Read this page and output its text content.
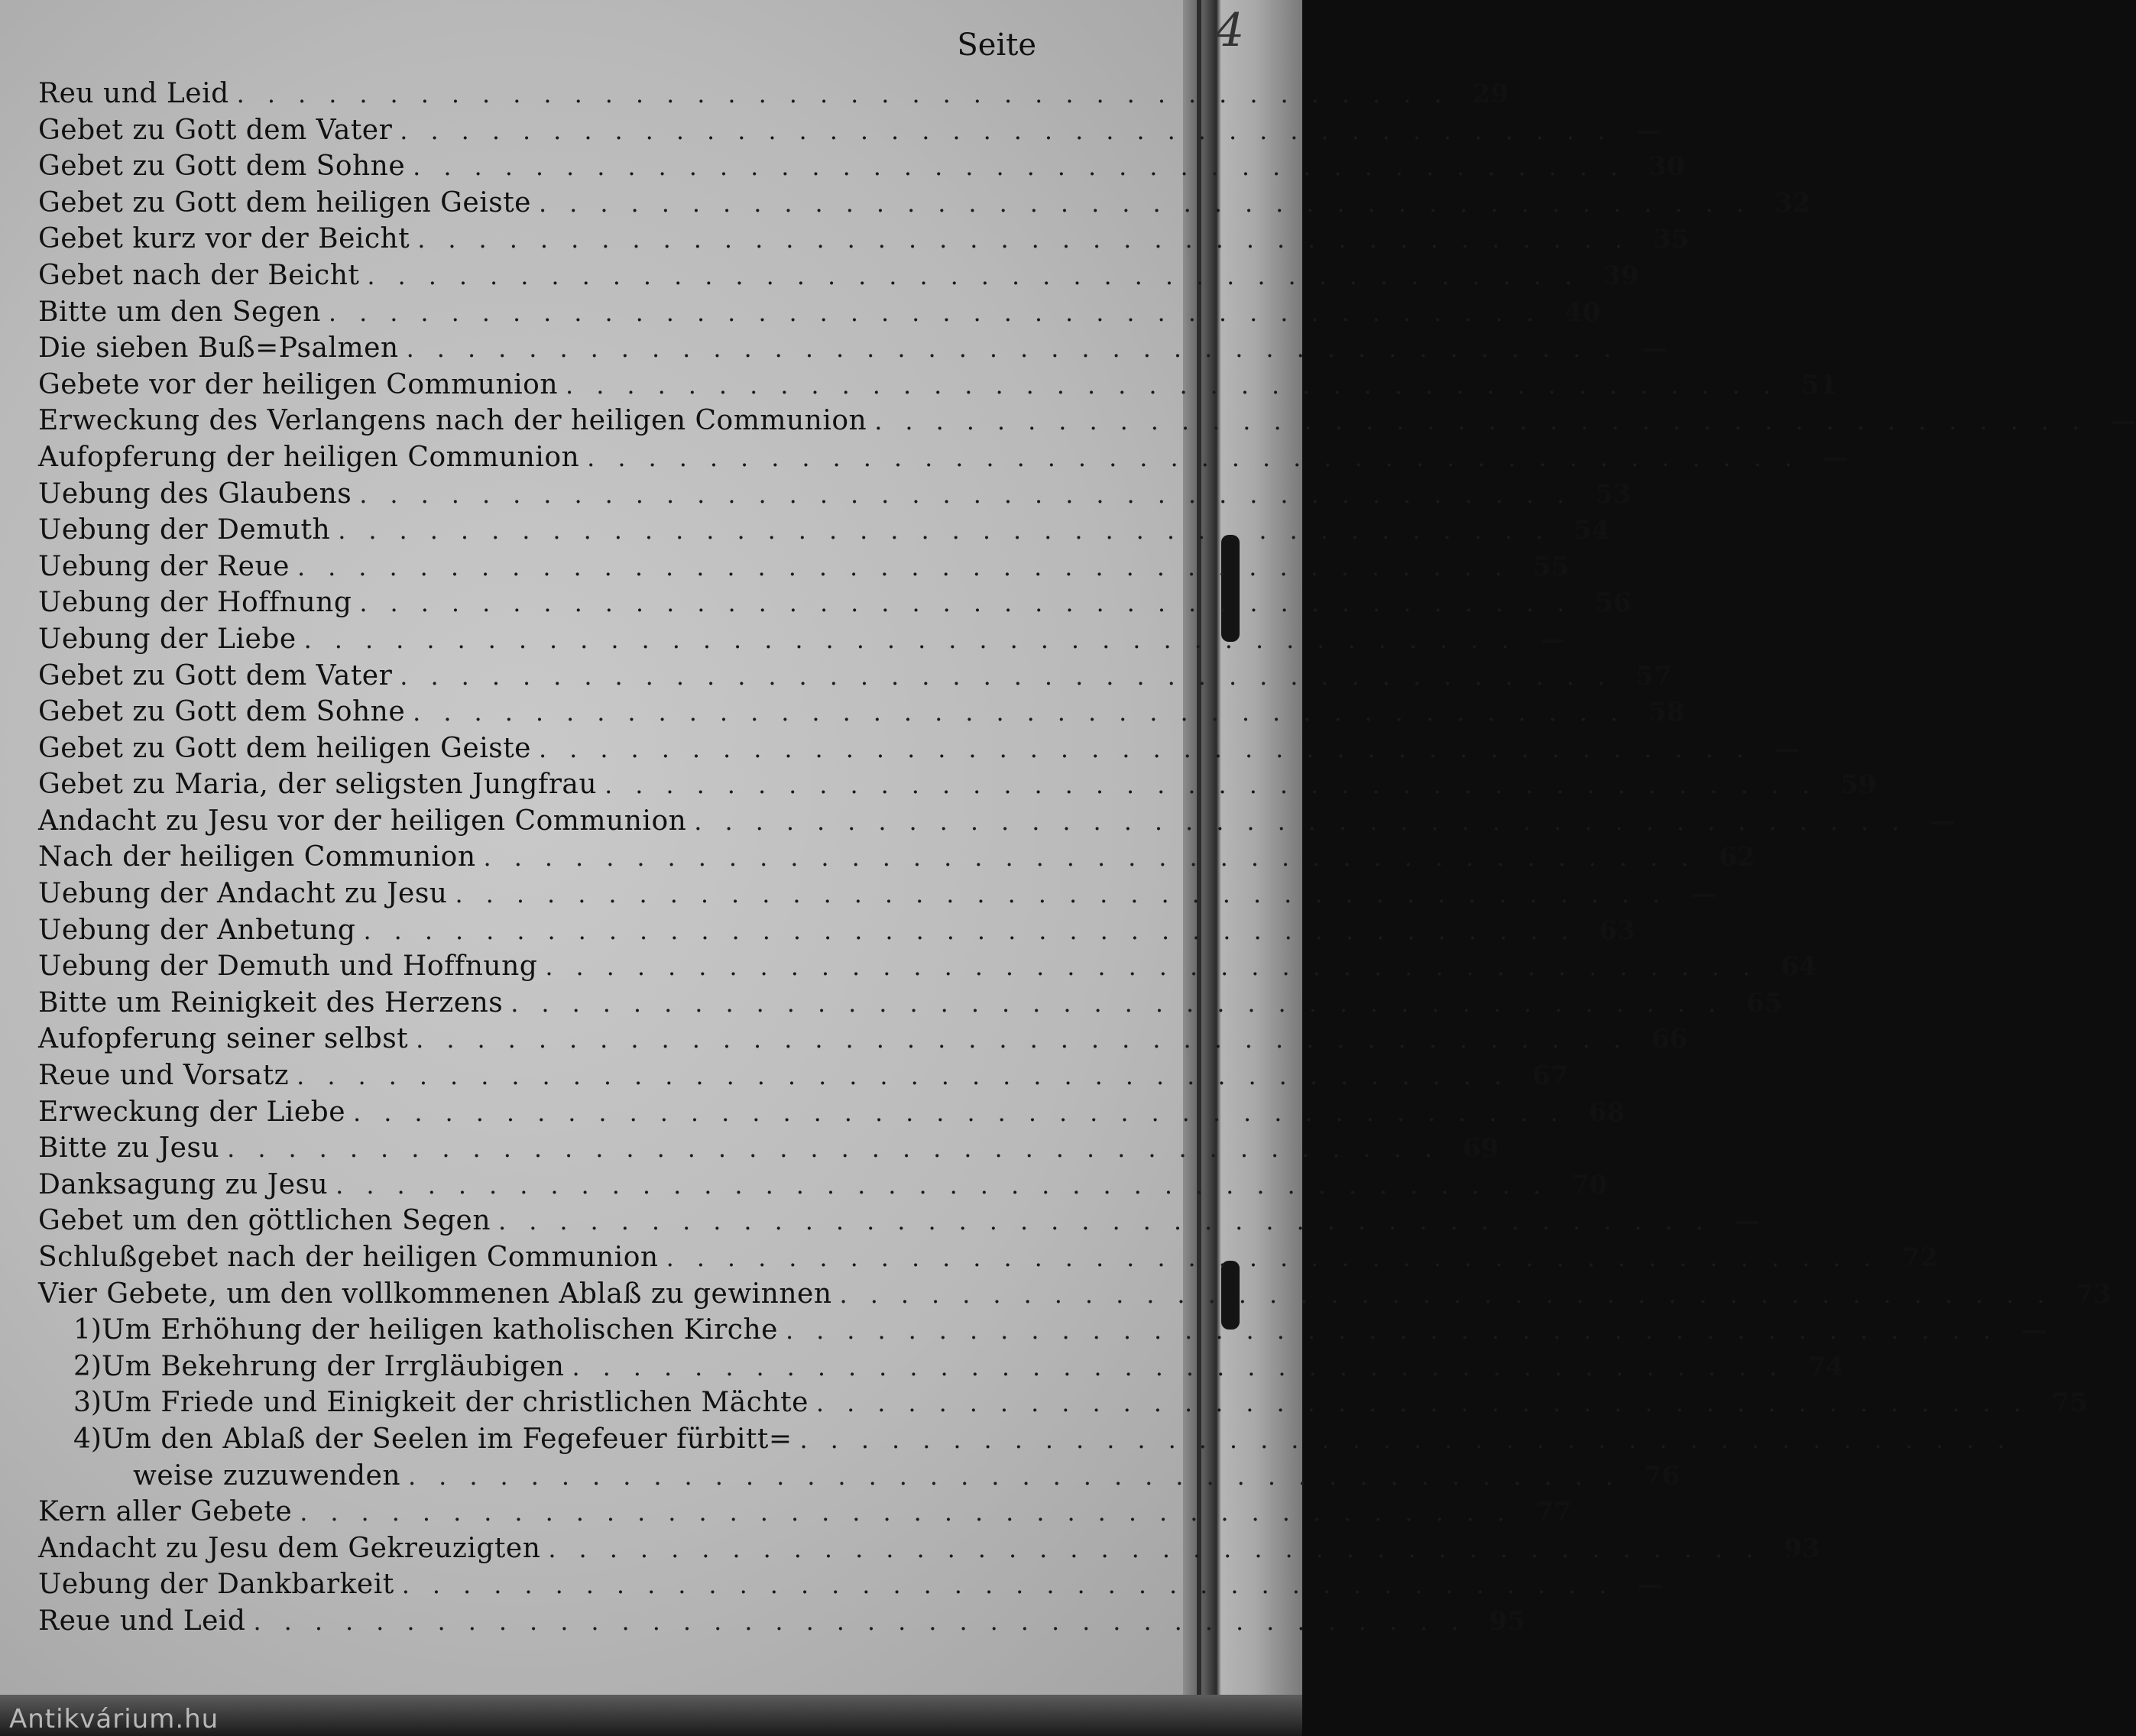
4
Seite
Reu und Leid ........................................ 29
Gebet zu Gott dem Vater ........................................ —
Gebet zu Gott dem Sohne ........................................ 30
Gebet zu Gott dem heiligen Geiste ........................................ 32
Gebet kurz vor der Beicht ........................................ 35
Gebet nach der Beicht ........................................ 39
Bitte um den Segen ........................................ 40
Die sieben Buß=Psalmen ........................................ —
Gebete vor der heiligen Communion ........................................ 51
Erweckung des Verlangens nach der heiligen Communion ........................................ —
Aufopferung der heiligen Communion ........................................ —
Uebung des Glaubens ........................................ 53
Uebung der Demuth ........................................ 54
Uebung der Reue ........................................ 55
Uebung der Hoffnung ........................................ 56
Uebung der Liebe ........................................ —
Gebet zu Gott dem Vater ........................................ 57
Gebet zu Gott dem Sohne ........................................ 58
Gebet zu Gott dem heiligen Geiste ........................................ —
Gebet zu Maria, der seligsten Jungfrau ........................................ 59
Andacht zu Jesu vor der heiligen Communion ........................................ —
Nach der heiligen Communion ........................................ 62
Uebung der Andacht zu Jesu ........................................ —
Uebung der Anbetung ........................................ 63
Uebung der Demuth und Hoffnung ........................................ 64
Bitte um Reinigkeit des Herzens ........................................ 65
Aufopferung seiner selbst ........................................ 66
Reue und Vorsatz ........................................ 67
Erweckung der Liebe ........................................ 68
Bitte zu Jesu ........................................ 69
Danksagung zu Jesu ........................................ 70
Gebet um den göttlichen Segen ........................................ —
Schlußgebet nach der heiligen Communion ........................................ 72
Vier Gebete, um den vollkommenen Ablaß zu gewinnen ........................................ 73
1) Um Erhöhung der heiligen katholischen Kirche ........................................ —
2) Um Bekehrung der Irrgläubigen ........................................ 74
3) Um Friede und Einigkeit der christlichen Mächte ........................................ 75
4) Um den Ablaß der Seelen im Fegefeuer fürbitt= ........................................
weise zuzuwenden ........................................ 76
Kern aller Gebete ........................................ 77
Andacht zu Jesu dem Gekreuzigten ........................................ 93
Uebung der Dankbarkeit ........................................ —
Reue und Leid ........................................ 95
Antikvárium.hu
